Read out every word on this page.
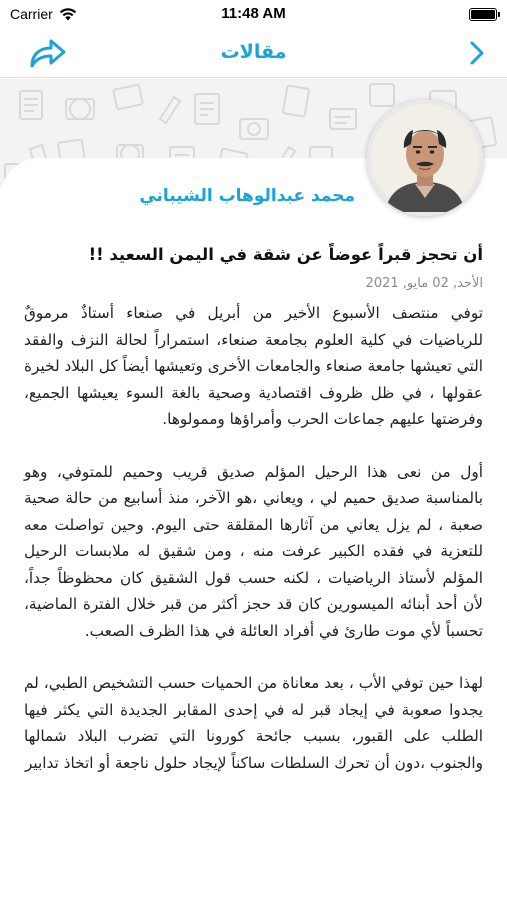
Carrier	11:48 AM
مقالات
محمد عبدالوهاب الشيباني
أن تحجز قبراً عوضاً عن شقة في اليمن السعيد !!
الأحد, 02 مايو, 2021

توفي منتصف الأسبوع الأخير من أبريل في صنعاء أستاذٌ مرموقٌ للرياضيات في كلية العلوم بجامعة صنعاء، استمراراً لحالة النزف والفقد التي تعيشها جامعة صنعاء والجامعات الأخرى وتعيشها أيضاً كل البلاد لخيرة عقولها ، في ظل ظروف اقتصادية وصحية بالغة السوء يعيشها الجميع، وفرضتها عليهم جماعات الحرب وأمراؤها وممولوها.

أول من نعى هذا الرحيل المؤلم صديق قريب وحميم للمتوفي، وهو بالمناسبة صديق حميم لي ، ويعاني ،هو الآخر، منذ أسابيع من حالة صحية صعبة ، لم يزل يعاني من آثارها المقلقة حتى اليوم. وحين تواصلت معه للتعزية في فقده الكبير عرفت منه ، ومن شقيق له ملابسات الرحيل المؤلم لأستاذ الرياضيات ، لكنه حسب قول الشقيق كان محظوظاً جداً، لأن أحد أبنائه الميسورين كان قد حجز أكثر من قبر خلال الفترة الماضية، تحسباً لأي موت طارئ في أفراد العائلة في هذا الظرف الصعب.

لهذا حين توفي الأب ، بعد معاناة من الحميات حسب التشخيص الطبي، لم يجدوا صعوبة في إيجاد قبر له في إحدى المقابر الجديدة التي يكثر فيها الطلب على القبور، بسبب جائحة كورونا التي تضرب البلاد شمالها والجنوب ،دون أن تحرك السلطات ساكناً لإيجاد حلول ناجعة أو اتخاذ تدابير
